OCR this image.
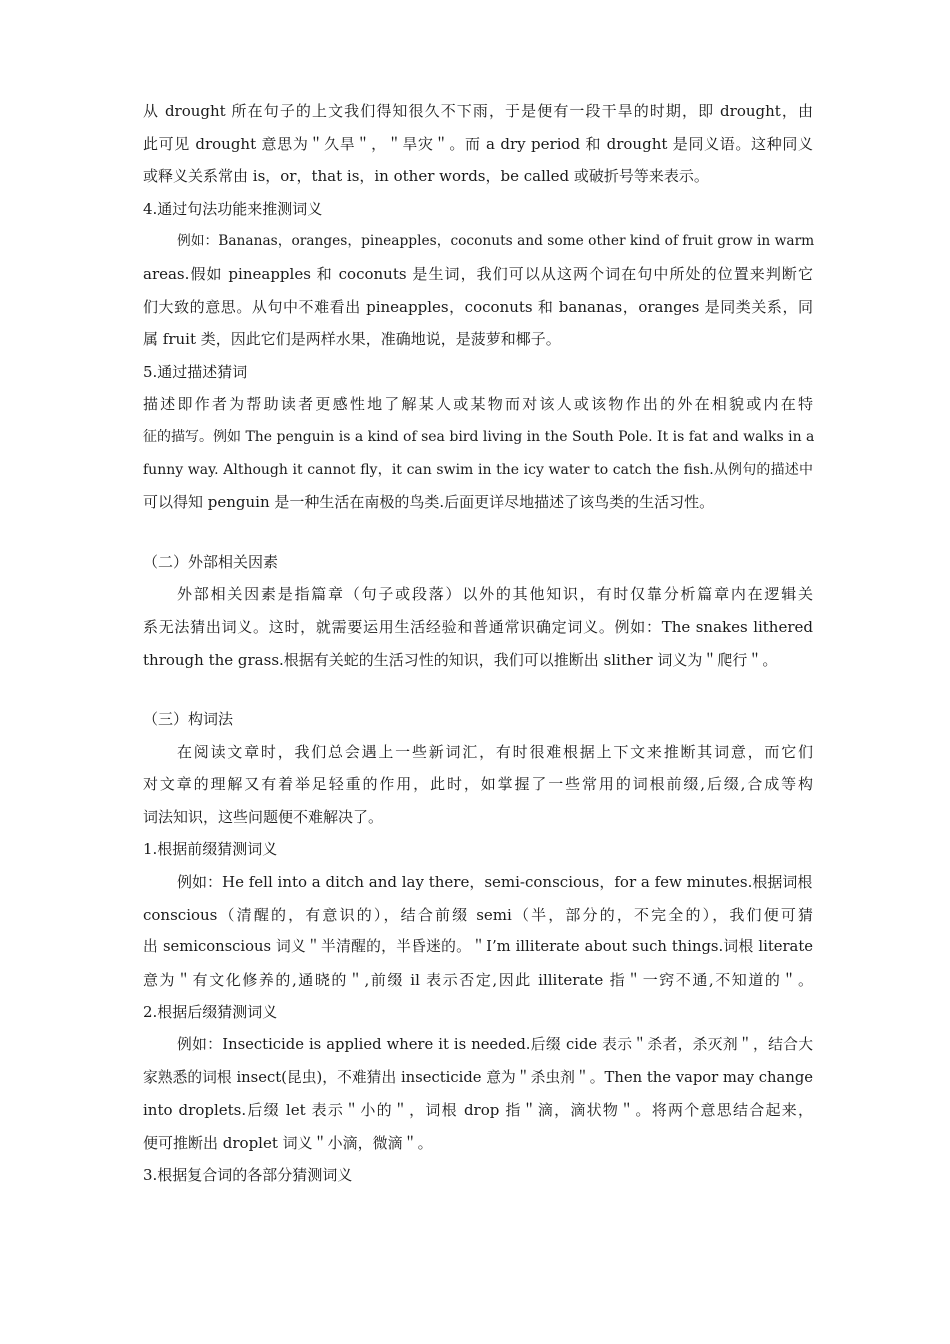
从 drought 所在句子的上文我们得知很久不下雨，于是便有一段干旱的时期，即 drought，由
此可见 drought 意思为＂久旱＂，＂旱灾＂。而 a dry period 和 drought 是同义语。这种同义
或释义关系常由 is，or，that is，in other words，be called 或破折号等来表示。
4.通过句法功能来推测词义
例如：Bananas，oranges，pineapples，coconuts and some other kind of fruit grow in warm
areas.假如 pineapples 和 coconuts 是生词，我们可以从这两个词在句中所处的位置来判断它
们大致的意思。从句中不难看出 pineapples，coconuts 和 bananas，oranges 是同类关系，同
属 fruit 类，因此它们是两样水果，准确地说，是菠萝和椰子。
5.通过描述猜词
描述即作者为帮助读者更感性地了解某人或某物而对该人或该物作出的外在相貌或内在特
征的描写。例如 The penguin is a kind of sea bird living in the South Pole. It is fat and walks in a
funny way. Although it cannot fly，it can swim in the icy water to catch the fish.从例句的描述中
可以得知 penguin 是一种生活在南极的鸟类.后面更详尽地描述了该鸟类的生活习性。
（二）外部相关因素
外部相关因素是指篇章（句子或段落）以外的其他知识，有时仅靠分析篇章内在逻辑关
系无法猜出词义。这时，就需要运用生活经验和普通常识确定词义。例如：The snakes lithered
through the grass.根据有关蛇的生活习性的知识，我们可以推断出 slither 词义为＂爬行＂。
（三）构词法
在阅读文章时，我们总会遇上一些新词汇，有时很难根据上下文来推断其词意，而它们
对文章的理解又有着举足轻重的作用，此时，如掌握了一些常用的词根前缀,后缀,合成等构
词法知识，这些问题便不难解决了。
1.根据前缀猜测词义
例如：He fell into a ditch and lay there，semi-conscious，for a few minutes.根据词根
conscious（清醒的，有意识的），结合前缀 semi（半，部分的，不完全的），我们便可猜
出 semiconscious 词义＂半清醒的，半昏迷的。＂I’m illiterate about such things.词根 literate
意为＂有文化修养的,通晓的＂,前缀 il 表示否定,因此 illiterate 指＂一窍不通,不知道的＂。
2.根据后缀猜测词义
例如：Insecticide is applied where it is needed.后缀 cide 表示＂杀者，杀灭剂＂，结合大
家熟悉的词根 insect(昆虫)，不难猜出 insecticide 意为＂杀虫剂＂。Then the vapor may change
into droplets.后缀 let 表示＂小的＂，词根 drop 指＂滴，滴状物＂。将两个意思结合起来，
便可推断出 droplet 词义＂小滴，微滴＂。
3.根据复合词的各部分猜测词义
